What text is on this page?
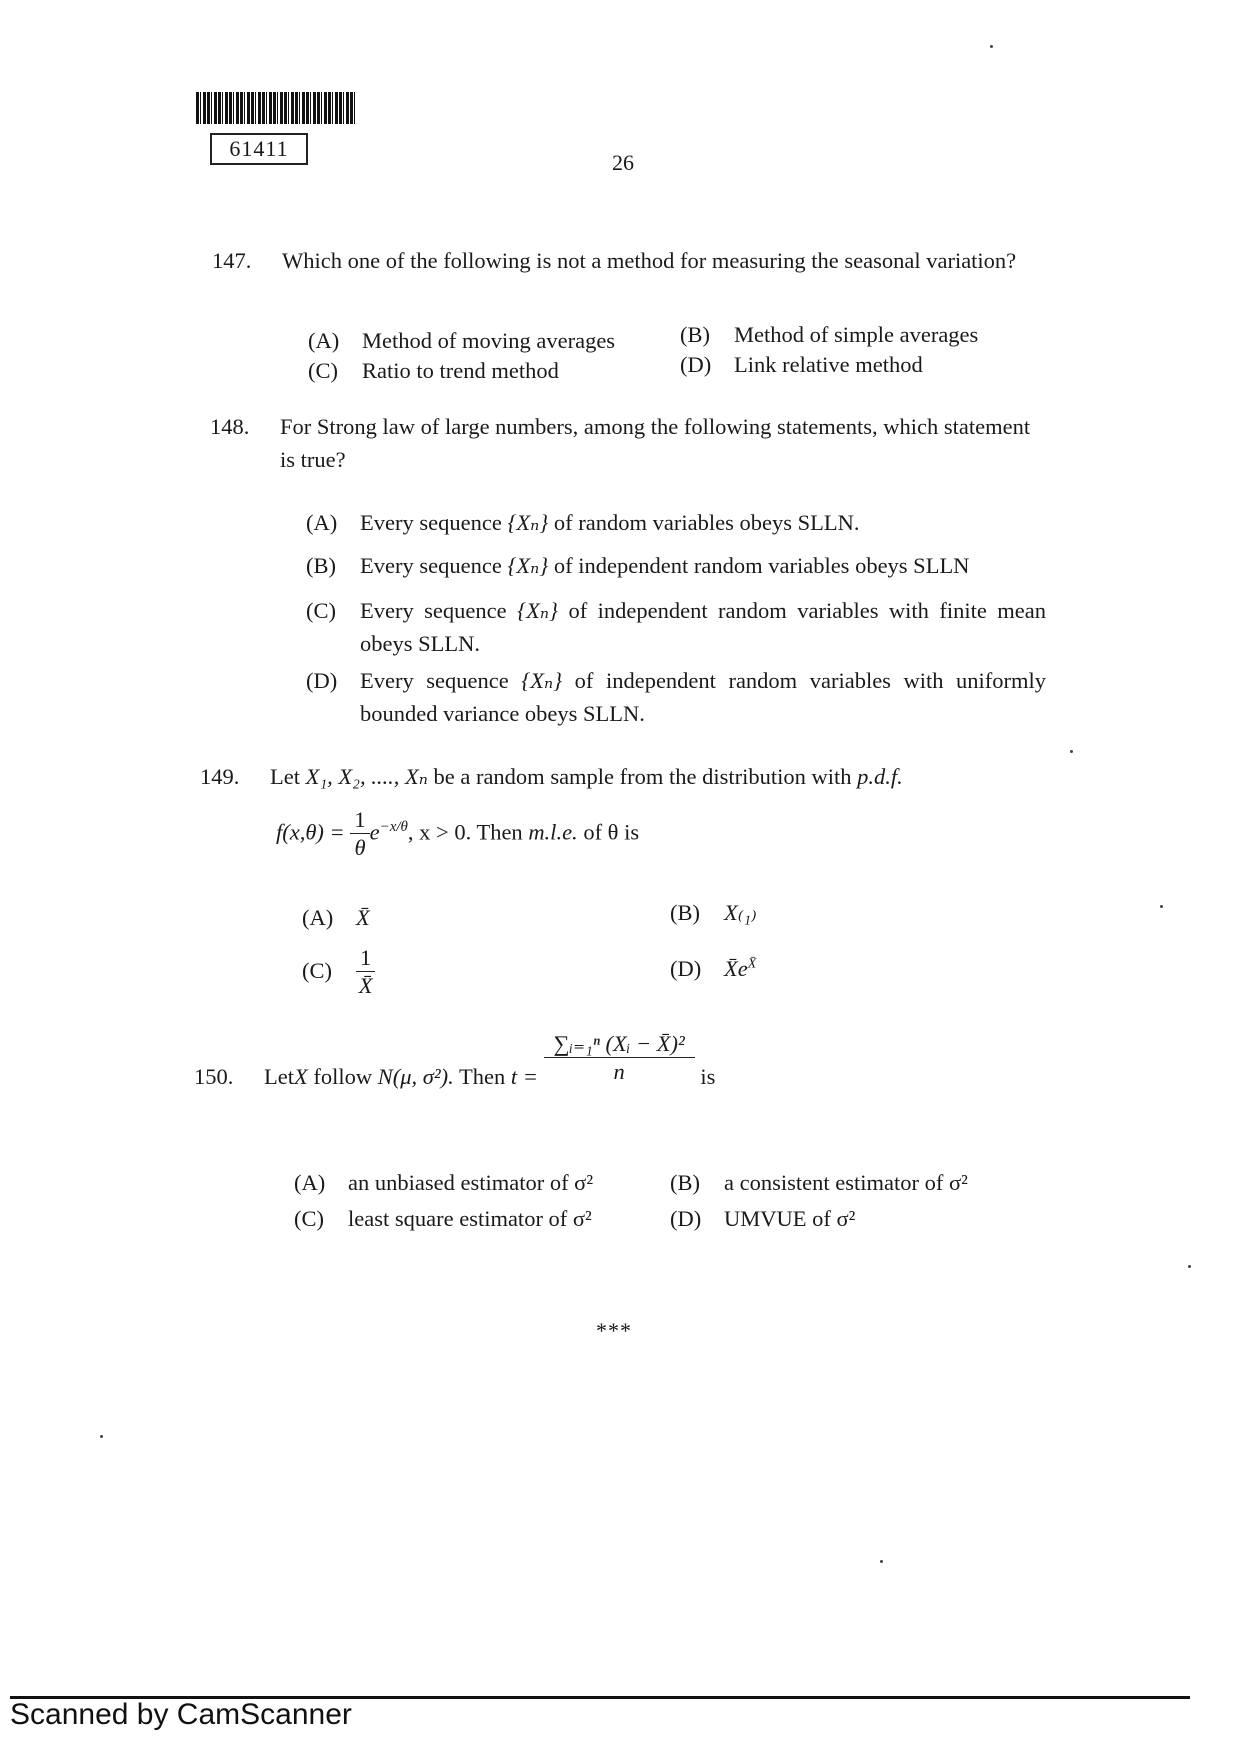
61411
26
147. Which one of the following is not a method for measuring the seasonal variation?
(A) Method of moving averages	(B) Method of simple averages
(C) Ratio to trend method	(D) Link relative method
148. For Strong law of large numbers, among the following statements, which statement is true?
(A) Every sequence {Xₙ} of random variables obeys SLLN.
(B) Every sequence {Xₙ} of independent random variables obeys SLLN
(C)	Every sequence {Xₙ} of independent random variables with finite mean obeys SLLN.
(D)	Every sequence {Xₙ} of independent random variables with uniformly bounded variance obeys SLLN.
149. Let X₁, X₂, ...., Xₙ be a random sample from the distribution with p.d.f.
$f(x,\theta) = \frac{1}{\theta} e^{-x/\theta}$, x > 0. Then m.l.e. of θ is
(A) X̄	(B) X₍₁₎
$(C) \frac{1}{X̄}$	(D) $X̄e^{X̄}$
150. LetX follow N(μ, σ²). Then $t = \frac{\text{∑ᵢ₌₁ⁿ (Xᵢ − X̄)²}}{n}$ is
(A) an unbiased estimator of σ²	(B) a consistent estimator of σ²
(C) least square estimator of σ²	(D) UMVUE of σ²
***
Scanned by CamScanner
